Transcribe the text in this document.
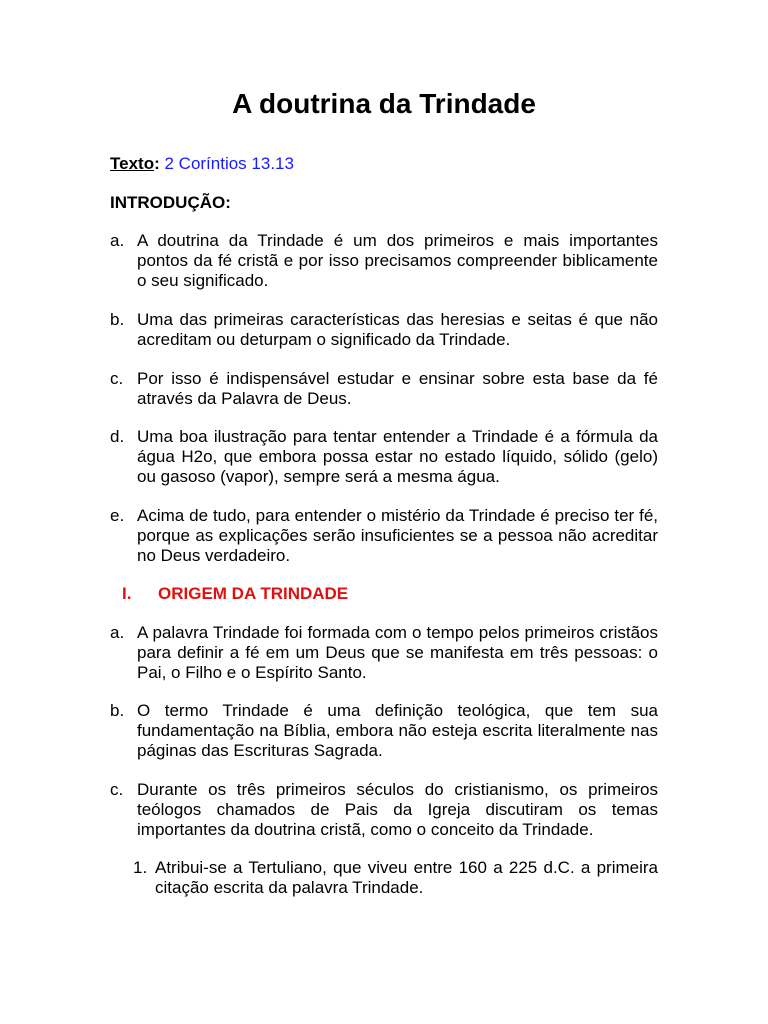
A doutrina da Trindade
Texto: 2 Coríntios 13.13
INTRODUÇÃO:
a. A doutrina da Trindade é um dos primeiros e mais importantes pontos da fé cristã e por isso precisamos compreender biblicamente o seu significado.
b. Uma das primeiras características das heresias e seitas é que não acreditam ou deturpam o significado da Trindade.
c. Por isso é indispensável estudar e ensinar sobre esta base da fé através da Palavra de Deus.
d. Uma boa ilustração para tentar entender a Trindade é a fórmula da água H2o, que embora possa estar no estado líquido, sólido (gelo) ou gasoso (vapor), sempre será a mesma água.
e. Acima de tudo, para entender o mistério da Trindade é preciso ter fé, porque as explicações serão insuficientes se a pessoa não acreditar no Deus verdadeiro.
I. ORIGEM DA TRINDADE
a. A palavra Trindade foi formada com o tempo pelos primeiros cristãos para definir a fé em um Deus que se manifesta em três pessoas: o Pai, o Filho e o Espírito Santo.
b. O termo Trindade é uma definição teológica, que tem sua fundamentação na Bíblia, embora não esteja escrita literalmente nas páginas das Escrituras Sagrada.
c. Durante os três primeiros séculos do cristianismo, os primeiros teólogos chamados de Pais da Igreja discutiram os temas importantes da doutrina cristã, como o conceito da Trindade.
1. Atribui-se a Tertuliano, que viveu entre 160 a 225 d.C. a primeira citação escrita da palavra Trindade.
